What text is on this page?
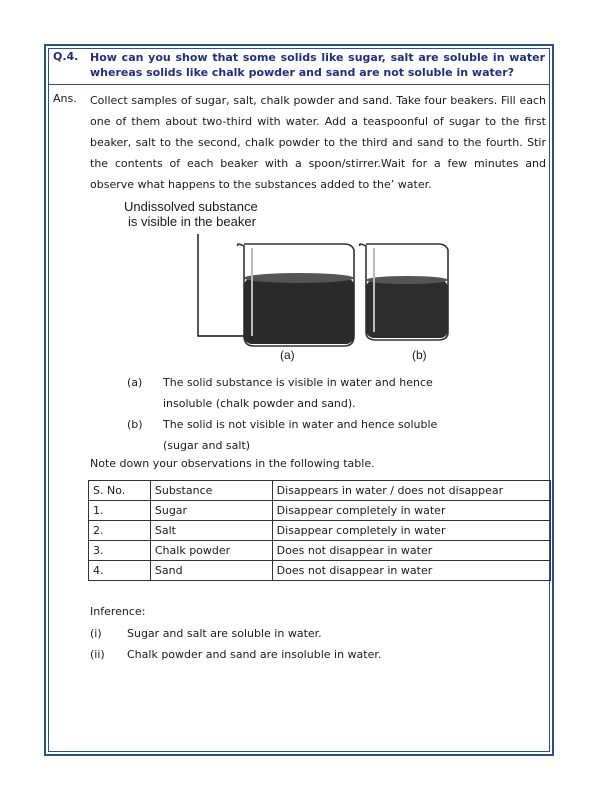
Q.4. How can you show that some solids like sugar, salt are soluble in water whereas solids like chalk powder and sand are not soluble in water?
Ans. Collect samples of sugar, salt, chalk powder and sand. Take four beakers. Fill each one of them about two-third with water. Add a teaspoonful of sugar to the first beaker, salt to the second, chalk powder to the third and sand to the fourth. Stir the contents of each beaker with a spoon/stirrer.Wait for a few minutes and observe what happens to the substances added to the’ water.
Undissolved substance
is visible in the beaker
(a)	(b)
(a) The solid substance is visible in water and hence
insoluble (chalk powder and sand).
(b) The solid is not visible in water and hence soluble
(sugar and salt)
Note down your observations in the following table.
S. No.	Substance	Disappears in water / does not disappear
1.	Sugar	Disappear completely in water
2.	Salt	Disappear completely in water
3.	Chalk powder	Does not disappear in water
4.	Sand	Does not disappear in water
Inference:
(i) Sugar and salt are soluble in water.
(ii) Chalk powder and sand are insoluble in water.
